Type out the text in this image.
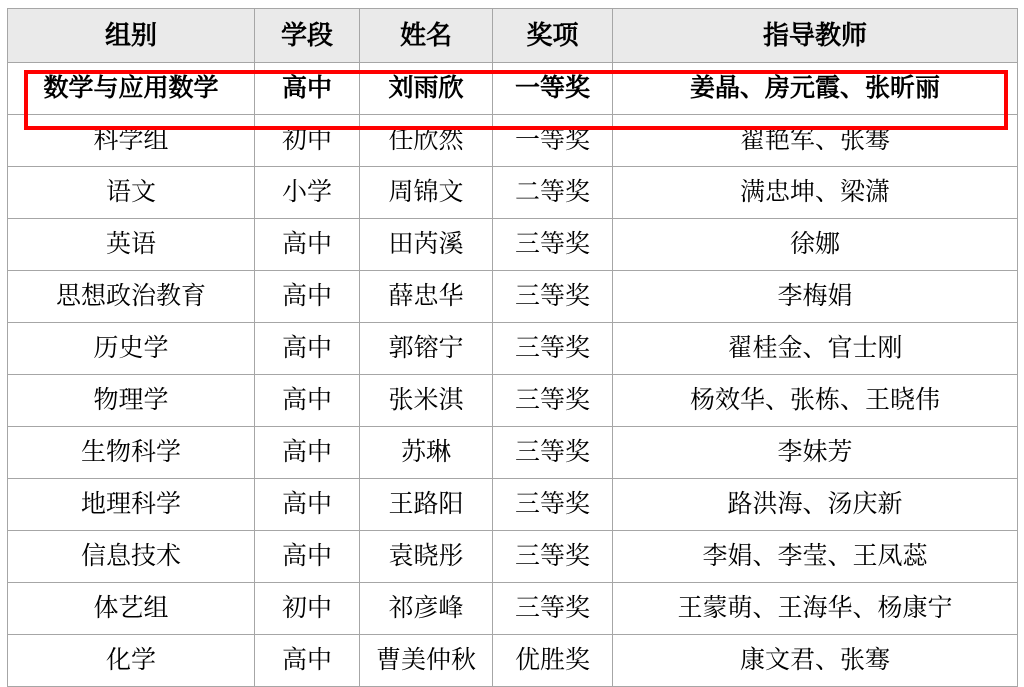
组别	学段	姓名	奖项	指导教师
数学与应用数学	高中	刘雨欣	一等奖	姜晶、房元霞、张昕丽
科学组	初中	任欣然	一等奖	翟艳军、张骞
语文	小学	周锦文	二等奖	满忠坤、梁潇
英语	高中	田芮溪	三等奖	徐娜
思想政治教育	高中	薛忠华	三等奖	李梅娟
历史学	高中	郭镕宁	三等奖	翟桂金、官士刚
物理学	高中	张米淇	三等奖	杨效华、张栋、王晓伟
生物科学	高中	苏琳	三等奖	李妹芳
地理科学	高中	王路阳	三等奖	路洪海、汤庆新
信息技术	高中	袁晓彤	三等奖	李娟、李莹、王凤蕊
体艺组	初中	祁彦峰	三等奖	王蒙萌、王海华、杨康宁
化学	高中	曹美仲秋	优胜奖	康文君、张骞
